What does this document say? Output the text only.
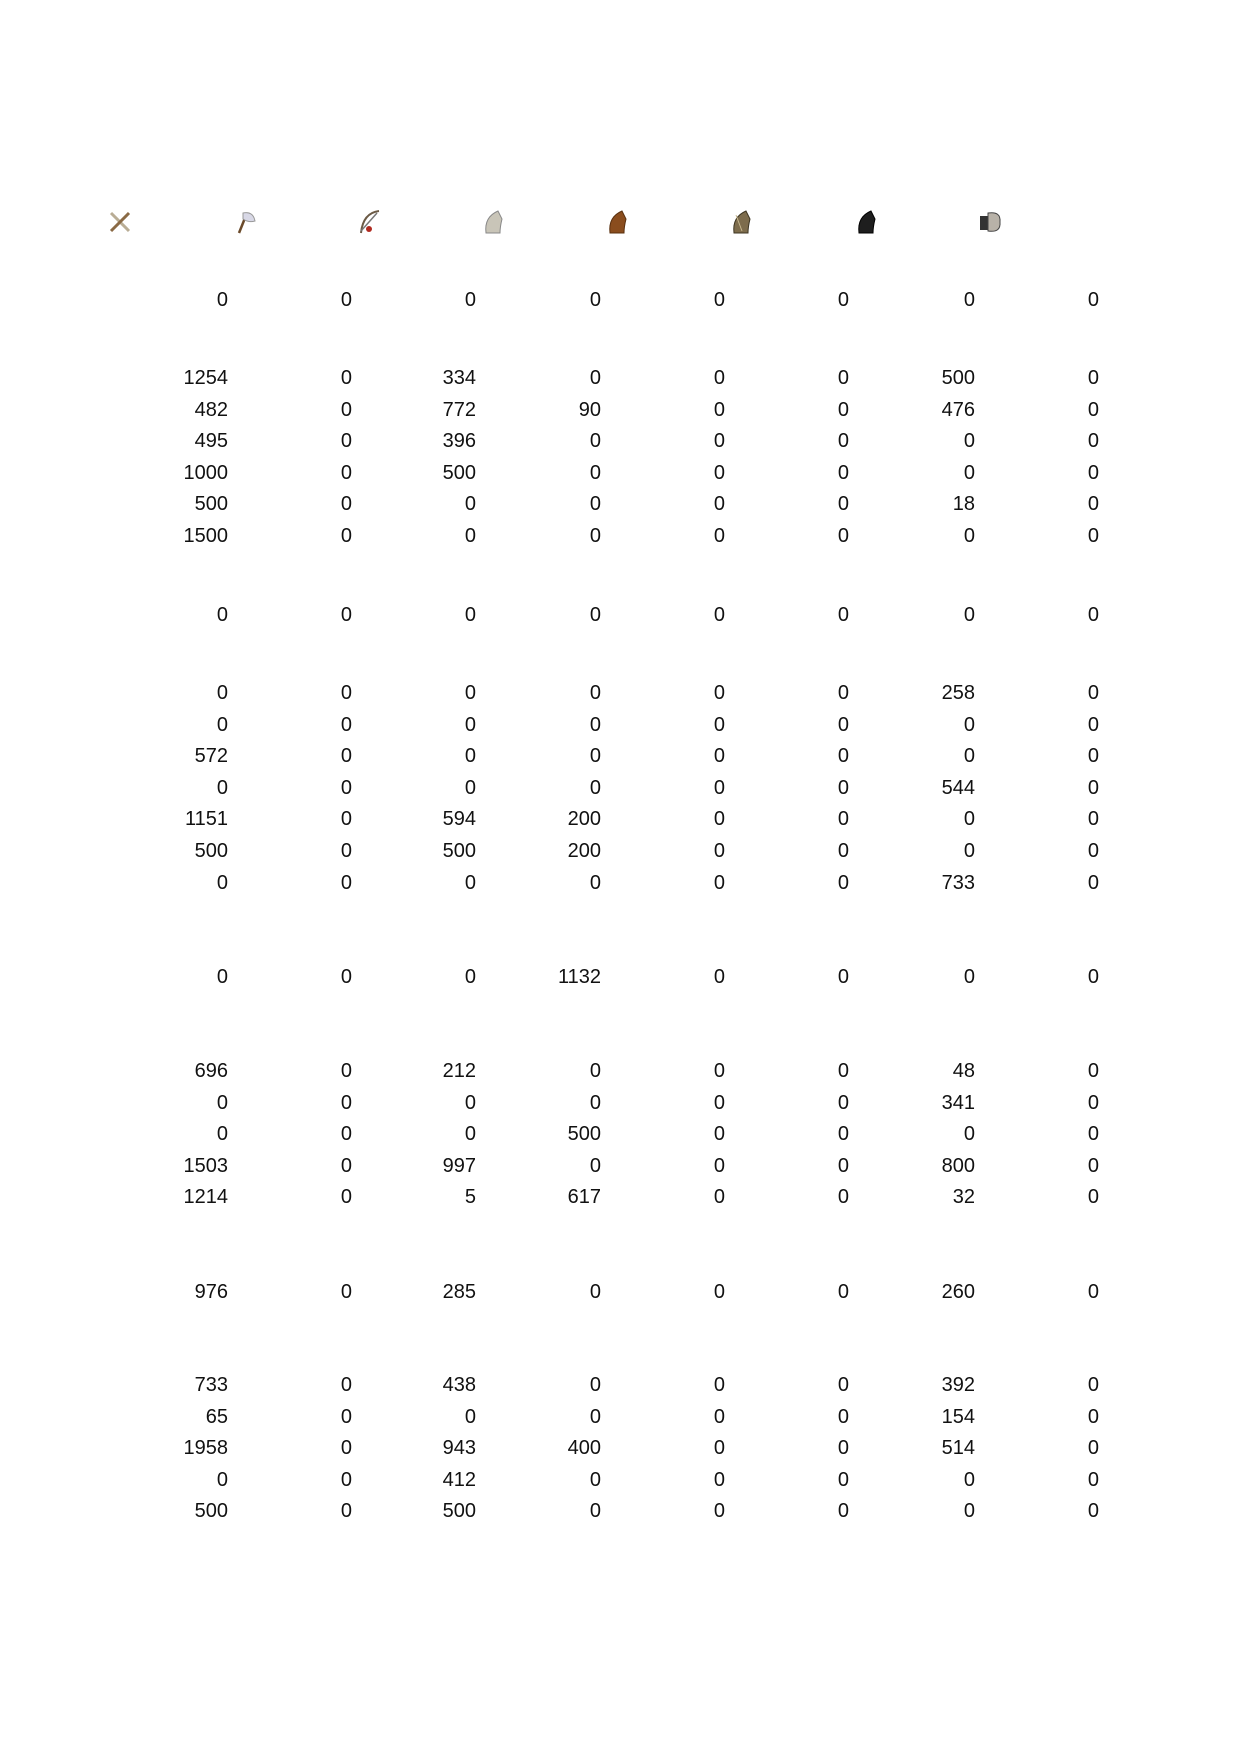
0	0	0	0	0	0	0	0
1254	0	334	0	0	0	500	0
482	0	772	90	0	0	476	0
495	0	396	0	0	0	0	0
1000	0	500	0	0	0	0	0
500	0	0	0	0	0	18	0
1500	0	0	0	0	0	0	0
0	0	0	0	0	0	0	0
0	0	0	0	0	0	258	0
0	0	0	0	0	0	0	0
572	0	0	0	0	0	0	0
0	0	0	0	0	0	544	0
1151	0	594	200	0	0	0	0
500	0	500	200	0	0	0	0
0	0	0	0	0	0	733	0
0	0	0	1132	0	0	0	0
696	0	212	0	0	0	48	0
0	0	0	0	0	0	341	0
0	0	0	500	0	0	0	0
1503	0	997	0	0	0	800	0
1214	0	5	617	0	0	32	0
976	0	285	0	0	0	260	0
733	0	438	0	0	0	392	0
65	0	0	0	0	0	154	0
1958	0	943	400	0	0	514	0
0	0	412	0	0	0	0	0
500	0	500	0	0	0	0	0
